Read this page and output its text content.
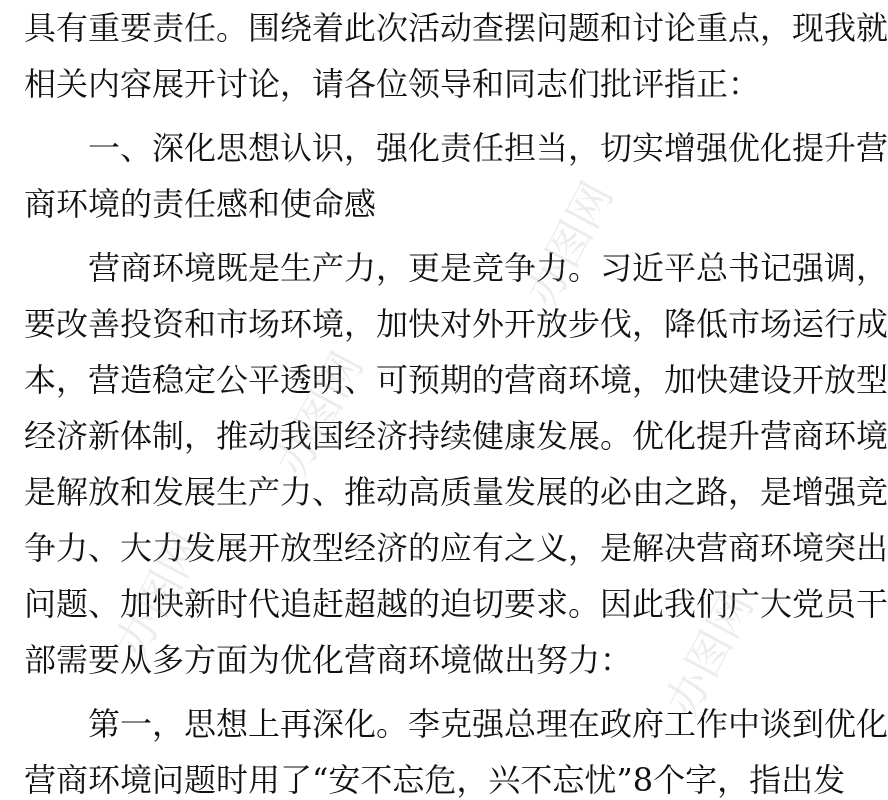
具有重要责任。围绕着此次活动查摆问题和讨论重点，现我就
相关内容展开讨论，请各位领导和同志们批评指正：
一、深化思想认识，强化责任担当，切实增强优化提升营
商环境的责任感和使命感
营商环境既是生产力，更是竞争力。习近平总书记强调，
要改善投资和市场环境，加快对外开放步伐，降低市场运行成
本，营造稳定公平透明、可预期的营商环境，加快建设开放型
经济新体制，推动我国经济持续健康发展。优化提升营商环境
是解放和发展生产力、推动高质量发展的必由之路，是增强竞
争力、大力发展开放型经济的应有之义，是解决营商环境突出
问题、加快新时代追赶超越的迫切要求。因此我们广大党员干
部需要从多方面为优化营商环境做出努力：
第一，思想上再深化。李克强总理在政府工作中谈到优化
营商环境问题时用了“安不忘危，兴不忘忧”8个字，指出发
办图网
办图网	办图网
办图网
